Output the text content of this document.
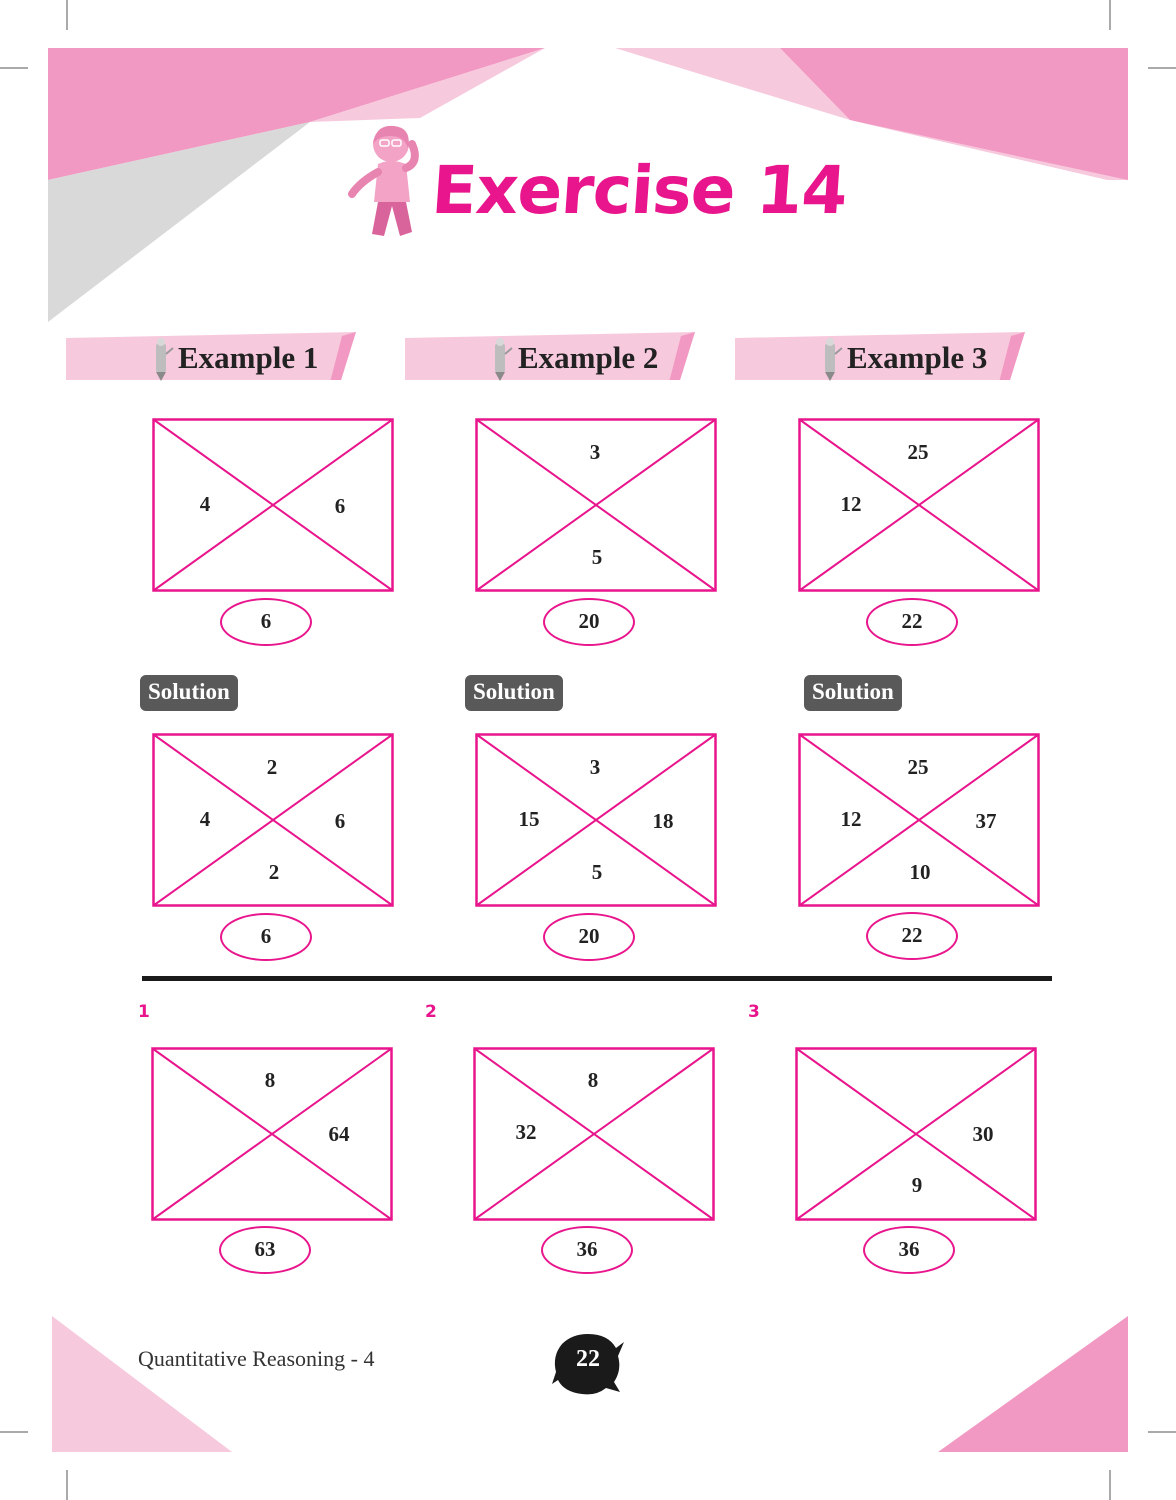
Exercise 14
Example 1	Example 2	Example 3
4	6
6
3
5
20
25
12
22
Solution	Solution	Solution
2
4	6
2
6
3
15	18
5
20
25
12	37
10
22
1	2	3
8
64
63
8
32
36
30
9
36
Quantitative Reasoning - 4	22
